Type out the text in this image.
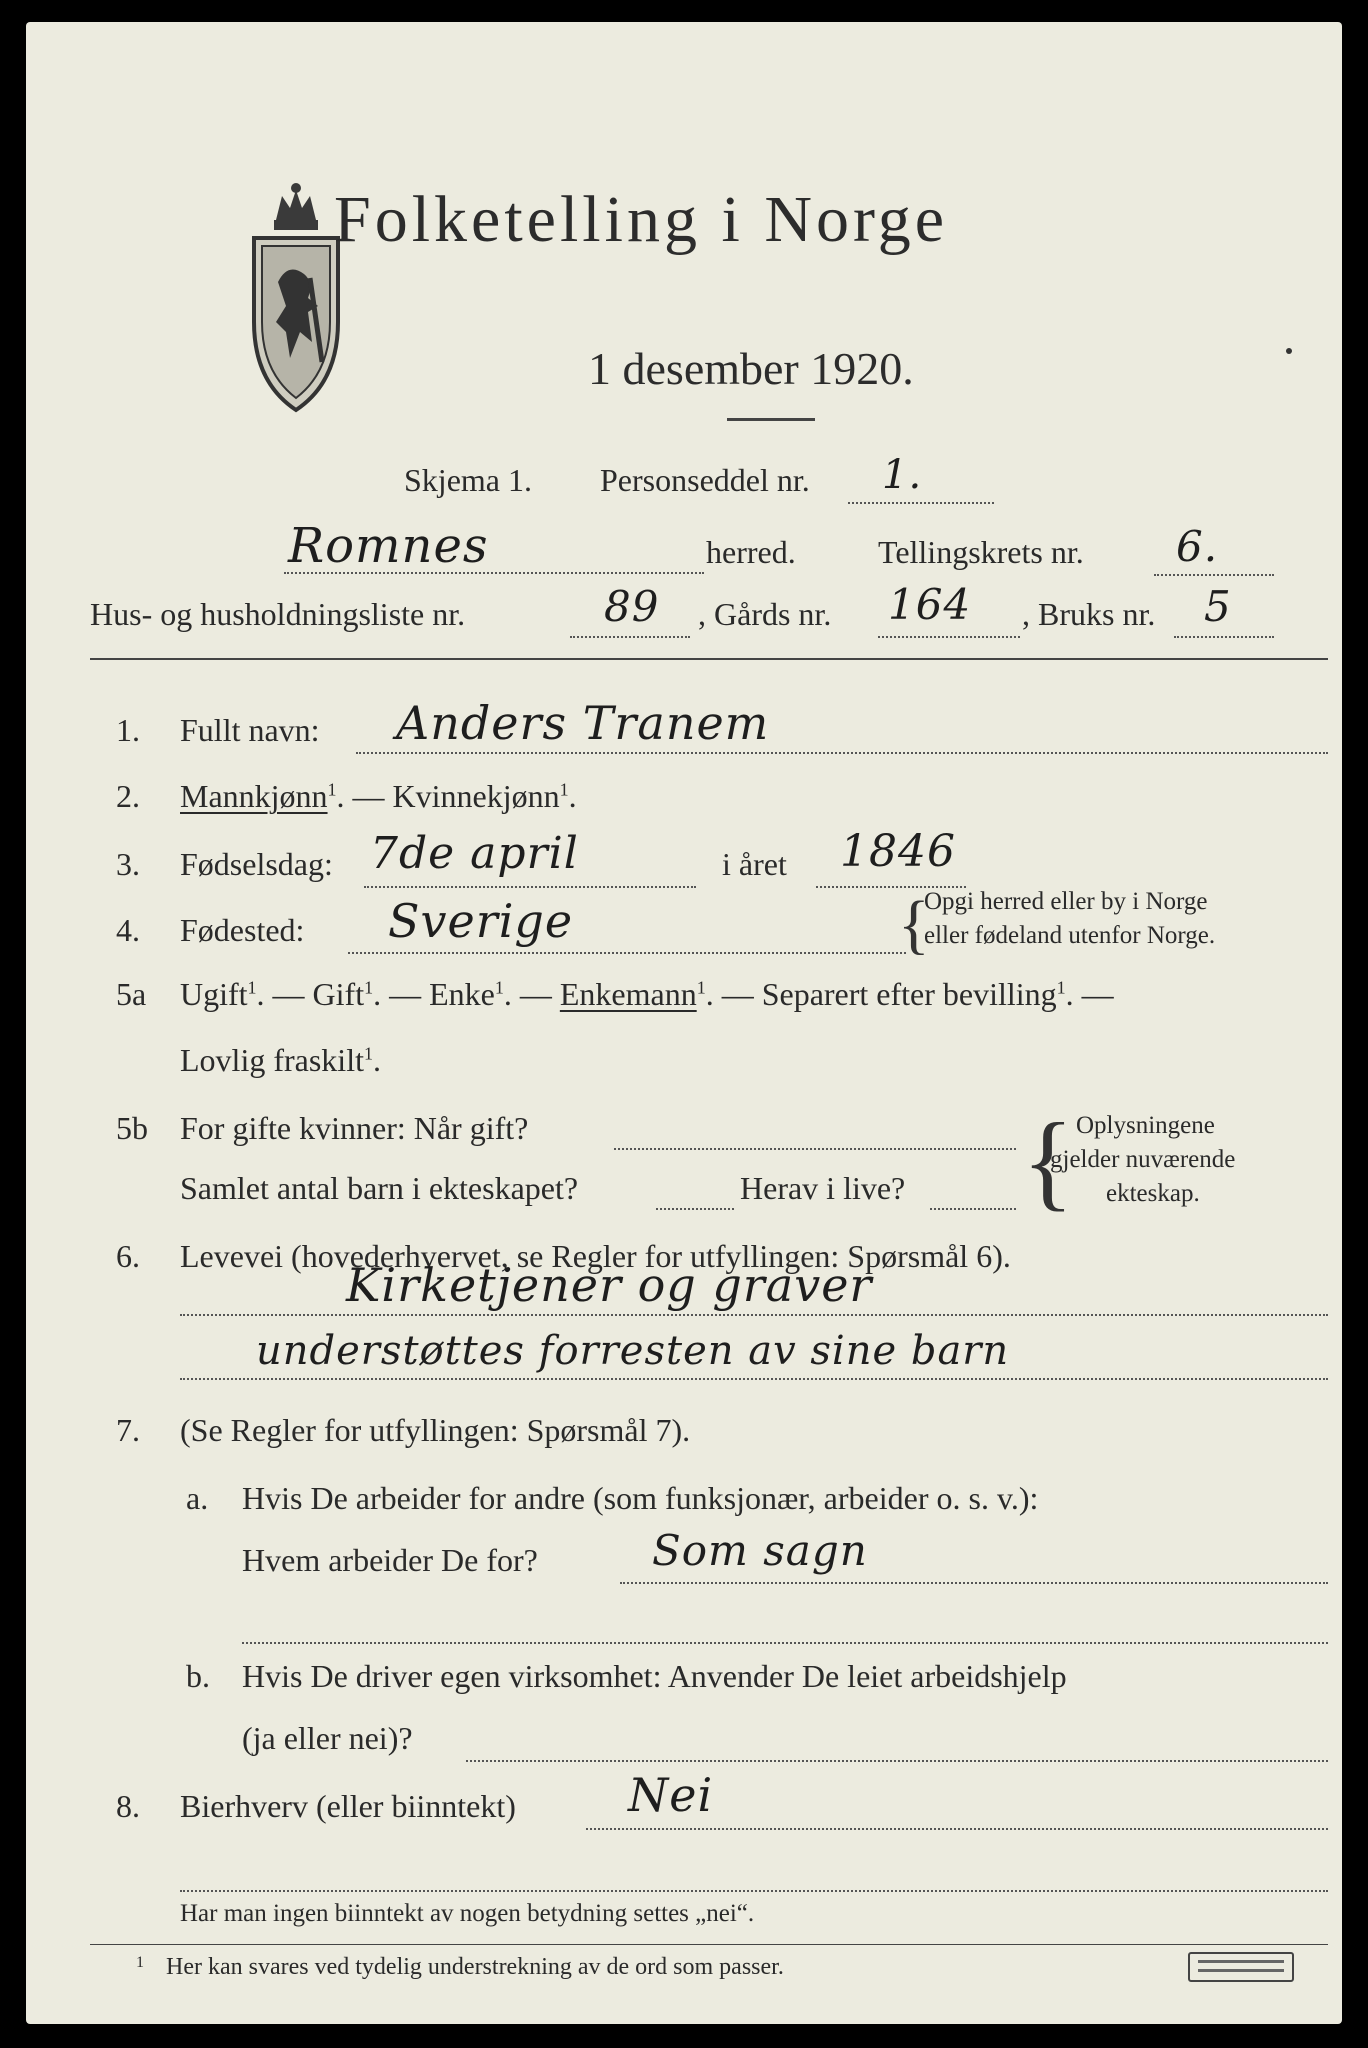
Folketelling i Norge
1 desember 1920.
Skjema 1. Personseddel nr. 1.
Romnes	herred.	Tellingskrets nr. 6.
Hus- og husholdningsliste nr.	89 , Gårds nr. 164 , Bruks nr. 5
1. Fullt navn: Anders Tranem
2. Mannkjønn$^1$. — Kvinnekjønn$^1$.
3. Fødselsdag: 7de april	i året 1846
4. Fødested: Sverige	{
Opgi herred eller by i Norge
eller fødeland utenfor Norge.
5a Ugift$^1$. — Gift$^1$. — Enke$^1$. — Enkemann$^1$. — Separert efter bevilling$^1$. —
Lovlig fraskilt$^1$.
5b For gifte kvinner: Når gift?
Samlet antal barn i ekteskapet?	Herav i live? { Oplysningene
gjelder nuværende
ekteskap.
6. Levevei (hovederhvervet, se Regler for utfyllingen: Spørsmål 6).
Kirketjener og graver
understøttes forresten av sine barn
7. (Se Regler for utfyllingen: Spørsmål 7).
a. Hvis De arbeider for andre (som funksjonær, arbeider o. s. v.):
Hvem arbeider De for?	Som sagn
b. Hvis De driver egen virksomhet: Anvender De leiet arbeidshjelp
(ja eller nei)?
8. Bierhverv (eller biinntekt) Nei
Har man ingen biinntekt av nogen betydning settes „nei“.
1 Her kan svares ved tydelig understrekning av de ord som passer.
